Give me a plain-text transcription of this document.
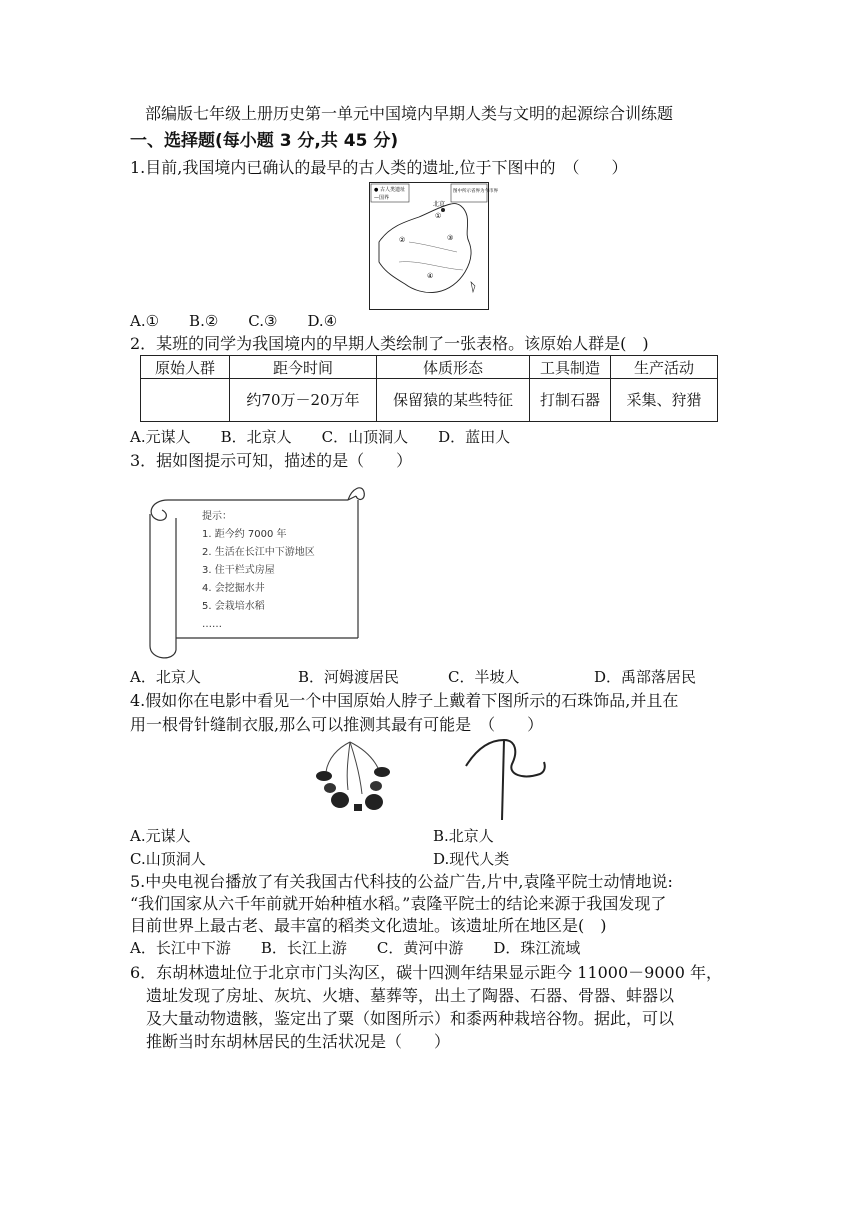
部编版七年级上册历史第一单元中国境内早期人类与文明的起源综合训练题
一、选择题(每小题 3 分,共 45 分)
1.目前,我国境内已确认的最早的古人类的遗址,位于下图中的　（　　）
● 古人类遗址
—国界
图中所示省界为今市界
北京
①
②	③
④
A.①　　B.②　　C.③　　D.④
2．某班的同学为我国境内的早期人类绘制了一张表格。该原始人群是(　)
原始人群	距今时间	体质形态	工具制造	生产活动
	约70万－20万年	保留猿的某些特征	打制石器	采集、狩猎
A.元谋人　　B．北京人　　C．山顶洞人　　D．蓝田人
3．据如图提示可知，描述的是（　　）
提示：
1. 距今约 7000 年
2. 生活在长江中下游地区
3. 住干栏式房屋
4. 会挖掘水井
5. 会栽培水稻
……
A．北京人	B．河姆渡居民	C．半坡人	D．禹部落居民
4.假如你在电影中看见一个中国原始人脖子上戴着下图所示的石珠饰品,并且在
用一根骨针缝制衣服,那么可以推测其最有可能是　（　　）
A.元谋人	B.北京人
C.山顶洞人	D.现代人类
5.中央电视台播放了有关我国古代科技的公益广告,片中,袁隆平院士动情地说:
“我们国家从六千年前就开始种植水稻。”袁隆平院士的结论来源于我国发现了
目前世界上最古老、最丰富的稻类文化遗址。该遗址所在地区是(　)
A．长江中下游　　B．长江上游　　C．黄河中游　　D．珠江流域
6．东胡林遗址位于北京市门头沟区，碳十四测年结果显示距今 11000－9000 年，
遗址发现了房址、灰坑、火塘、墓葬等，出土了陶器、石器、骨器、蚌器以
及大量动物遗骸，鉴定出了粟（如图所示）和黍两种栽培谷物。据此，可以
推断当时东胡林居民的生活状况是（　　）
